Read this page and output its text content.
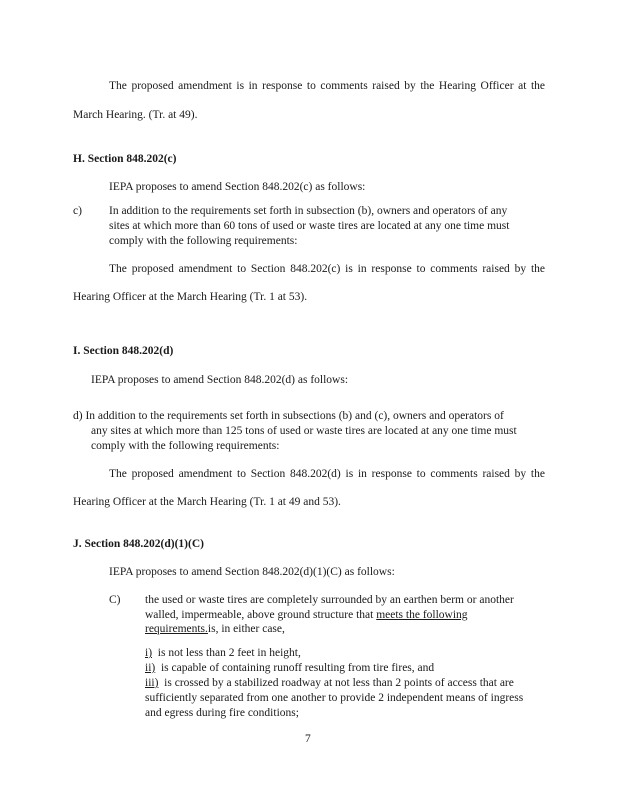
The proposed amendment is in response to comments raised by the Hearing Officer at the
March Hearing. (Tr. at 49).
H. Section 848.202(c)
IEPA proposes to amend Section 848.202(c) as follows:
c) In addition to the requirements set forth in subsection (b), owners and operators of any
sites at which more than 60 tons of used or waste tires are located at any one time must
comply with the following requirements:
The proposed amendment to Section 848.202(c) is in response to comments raised by the
Hearing Officer at the March Hearing (Tr. 1 at 53).
I. Section 848.202(d)
IEPA proposes to amend Section 848.202(d) as follows:
d) In addition to the requirements set forth in subsections (b) and (c), owners and operators of
any sites at which more than 125 tons of used or waste tires are located at any one time must
comply with the following requirements:
The proposed amendment to Section 848.202(d) is in response to comments raised by the
Hearing Officer at the March Hearing (Tr. 1 at 49 and 53).
J. Section 848.202(d)(1)(C)
IEPA proposes to amend Section 848.202(d)(1)(C) as follows:
C) the used or waste tires are completely surrounded by an earthen berm or another
walled, impermeable, above ground structure that meets the following
requirements.is, in either case,
i) is not less than 2 feet in height,
ii) is capable of containing runoff resulting from tire fires, and
iii) is crossed by a stabilized roadway at not less than 2 points of access that are
sufficiently separated from one another to provide 2 independent means of ingress
and egress during fire conditions;
7
